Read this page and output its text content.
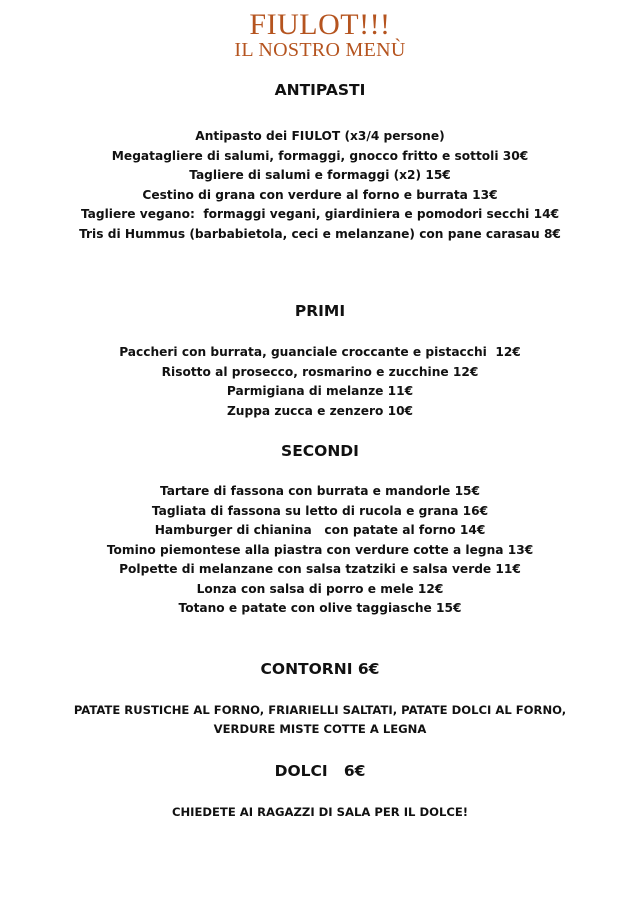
FIULOT!!!
IL NOSTRO MENÙ
ANTIPASTI
Antipasto dei FIULOT (x3/4 persone)
Megatagliere di salumi, formaggi, gnocco fritto e sottoli 30€
Tagliere di salumi e formaggi (x2) 15€
Cestino di grana con verdure al forno e burrata 13€
Tagliere vegano:  formaggi vegani, giardiniera e pomodori secchi 14€
Tris di Hummus (barbabietola, ceci e melanzane) con pane carasau 8€
PRIMI
Paccheri con burrata, guanciale croccante e pistacchi  12€
Risotto al prosecco, rosmarino e zucchine 12€
Parmigiana di melanze 11€
Zuppa zucca e zenzero 10€
SECONDI
Tartare di fassona con burrata e mandorle 15€
Tagliata di fassona su letto di rucola e grana 16€
Hamburger di chianina   con patate al forno 14€
Tomino piemontese alla piastra con verdure cotte a legna 13€
Polpette di melanzane con salsa tzatziki e salsa verde 11€
Lonza con salsa di porro e mele 12€
Totano e patate con olive taggiasche 15€
CONTORNI 6€
PATATE RUSTICHE AL FORNO, FRIARIELLI SALTATI, PATATE DOLCI AL FORNO,
VERDURE MISTE COTTE A LEGNA
DOLCI   6€
CHIEDETE AI RAGAZZI DI SALA PER IL DOLCE!
